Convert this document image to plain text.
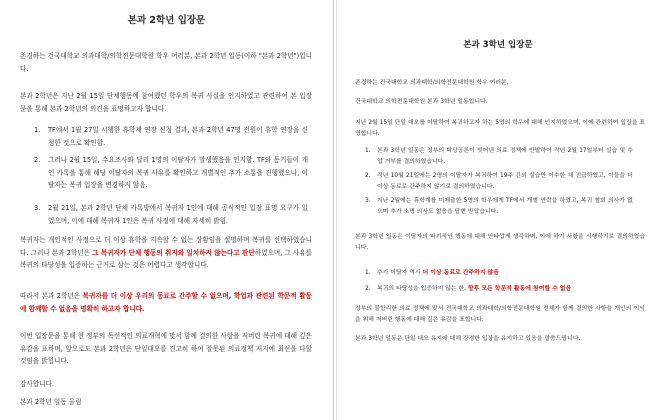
본과 2학년 입장문

존경하는 건국대학교 의과대학/의학전문대학원 학우 여러분, 본과 2학년 일동(이하 "본과 2학년")입니다.

본과 2학년은 지난 2월 15일 단체행동에 참여했던 학우의 복귀 사실을 인지하였고 관련하여 본 입장문을 통해 본과 2학년의 의견을 표명하고자 합니다.

1. TF에서 1월 27일 시행한 휴학계 연장 신청 결과, 본과 2학년 47명 전원이 휴학 연장을 신청한 것으로 확인함.

2. 그러나 2월 15일, 수요조사와 달리 1명의 이탈자가 발생했음을 인지함. TF와 동기들이 개인 카톡을 통해 해당 이탈자의 복귀 사유를 확인하고 개별적인 추가 소통을 진행했으나, 이탈자는 복귀 입장을 변경하지 않음.

3. 2월 21일, 본과 2학년 단체 카톡방에서 복귀자 1인에 대해 공식적인 입장 표명 요구가 있었으며, 이에 대해 복귀자 1인은 복귀 사정에 대해 자세히 밝힘.

복귀자는 개인적인 사정으로 더 이상 휴학을 지속할 수 없는 상황임을 설명하며 복귀를 선택하였습니다. 그러나 본과 2학년은 그 복귀자가 단체 행동의 취지와 일치하지 않는다고 판단하였으며, 그 사유를 복귀의 타당성을 입증하는 근거로 삼는 것은 어렵다고 생각합니다.

따라서 본과 2학년은 복귀자를 더 이상 우리의 동료로 간주할 수 없으며, 학업과 관련된 학문적 활동에 함께할 수 없음을 명확히 하고자 합니다.

이번 입장문을 통해 현 정부의 독선적인 의료개혁에 맞서 함께 결의한 사항을 저버린 복귀에 대해 깊은 유감을 표하며, 앞으로도 본과 2학년은 단일대오를 견고히 하여 잘못된 의료정책 저지에 최선을 다할 것임을 밝힙니다.

감사합니다.

본과 2학년 일동 올림

본과 3학년 입장문

존경하는 건국대학교 의과대학/의학전문대학원 학우 여러분,

건국대학교 의학전문대학원 본과 3학년 일동입니다.

지난 2월 15일 단일 대오를 이탈하여 복귀하고자 하는 5명의 학우에 대해 인지하였으며, 이에 관련하여 입장을 표명합니다.

1. 본과 3학년 일동은 정부의 탁상공론이 빚어낸 의료 정책에 반발하여 작년 2월 17일부터 실습 및 수업 거부를 결의하였습니다.

2. 작년 10월 21일에는 2명의 이탈자가 복귀하여 19주 간의 실습만 이수한 채 진급하였고, 이들을 더 이상 동료로 간주하지 않기로 결의하였습니다.

3. 지난 2월에는 휴학계를 미제출한 5명의 학우에게 TF에서 개별 연락을 하였고, 복귀 철회 의사가 없으며 추가 소명 의사도 없음을 답변 받았습니다.

본과 3학년 일동은 이탈자의 파괴적인 행동에 대해 안타깝게 생각하며, 이에 하기 사항을 시행하기로 결의하였습니다.

1. 추가 이탈자 역시 더 이상 동료로 간주하지 않음

2. 복귀의 타당성을 입증하지 않는 한, 향후 모든 학문적 활동에 참여할 수 없음

정부의 불합리한 의료 정책에 맞서 건국대학교 의과대학/의학전문대학원 전체가 함께 결의한 사항을 개인의 이익을 위해 저버린 행동에 대해 깊은 유감을 표합니다.

본과 3학년 일동은 단일 대오 유지에 대해 강경한 입장을 유지하고 있음을 말씀드립니다.
